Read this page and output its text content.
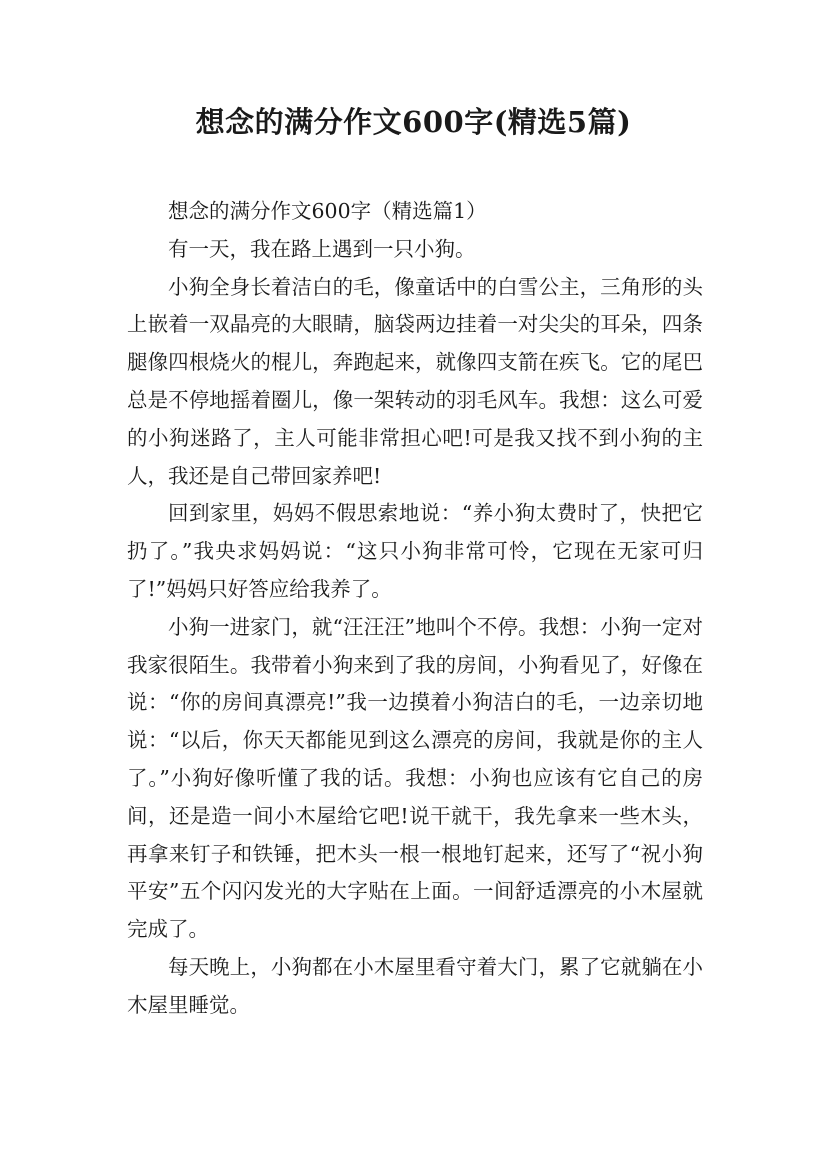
想念的满分作文600字(精选5篇)

想念的满分作文600字（精选篇1）

有一天，我在路上遇到一只小狗。

小狗全身长着洁白的毛，像童话中的白雪公主，三角形的头上嵌着一双晶亮的大眼睛，脑袋两边挂着一对尖尖的耳朵，四条腿像四根烧火的棍儿，奔跑起来，就像四支箭在疾飞。它的尾巴总是不停地摇着圈儿，像一架转动的羽毛风车。我想：这么可爱的小狗迷路了，主人可能非常担心吧!可是我又找不到小狗的主人，我还是自己带回家养吧!

回到家里，妈妈不假思索地说：“养小狗太费时了，快把它扔了。”我央求妈妈说：“这只小狗非常可怜，它现在无家可归了!”妈妈只好答应给我养了。

小狗一进家门，就“汪汪汪”地叫个不停。我想：小狗一定对我家很陌生。我带着小狗来到了我的房间，小狗看见了，好像在说：“你的房间真漂亮!”我一边摸着小狗洁白的毛，一边亲切地说：“以后，你天天都能见到这么漂亮的房间，我就是你的主人了。”小狗好像听懂了我的话。我想：小狗也应该有它自己的房间，还是造一间小木屋给它吧!说干就干，我先拿来一些木头，再拿来钉子和铁锤，把木头一根一根地钉起来，还写了“祝小狗平安”五个闪闪发光的大字贴在上面。一间舒适漂亮的小木屋就完成了。

每天晚上，小狗都在小木屋里看守着大门，累了它就躺在小木屋里睡觉。
